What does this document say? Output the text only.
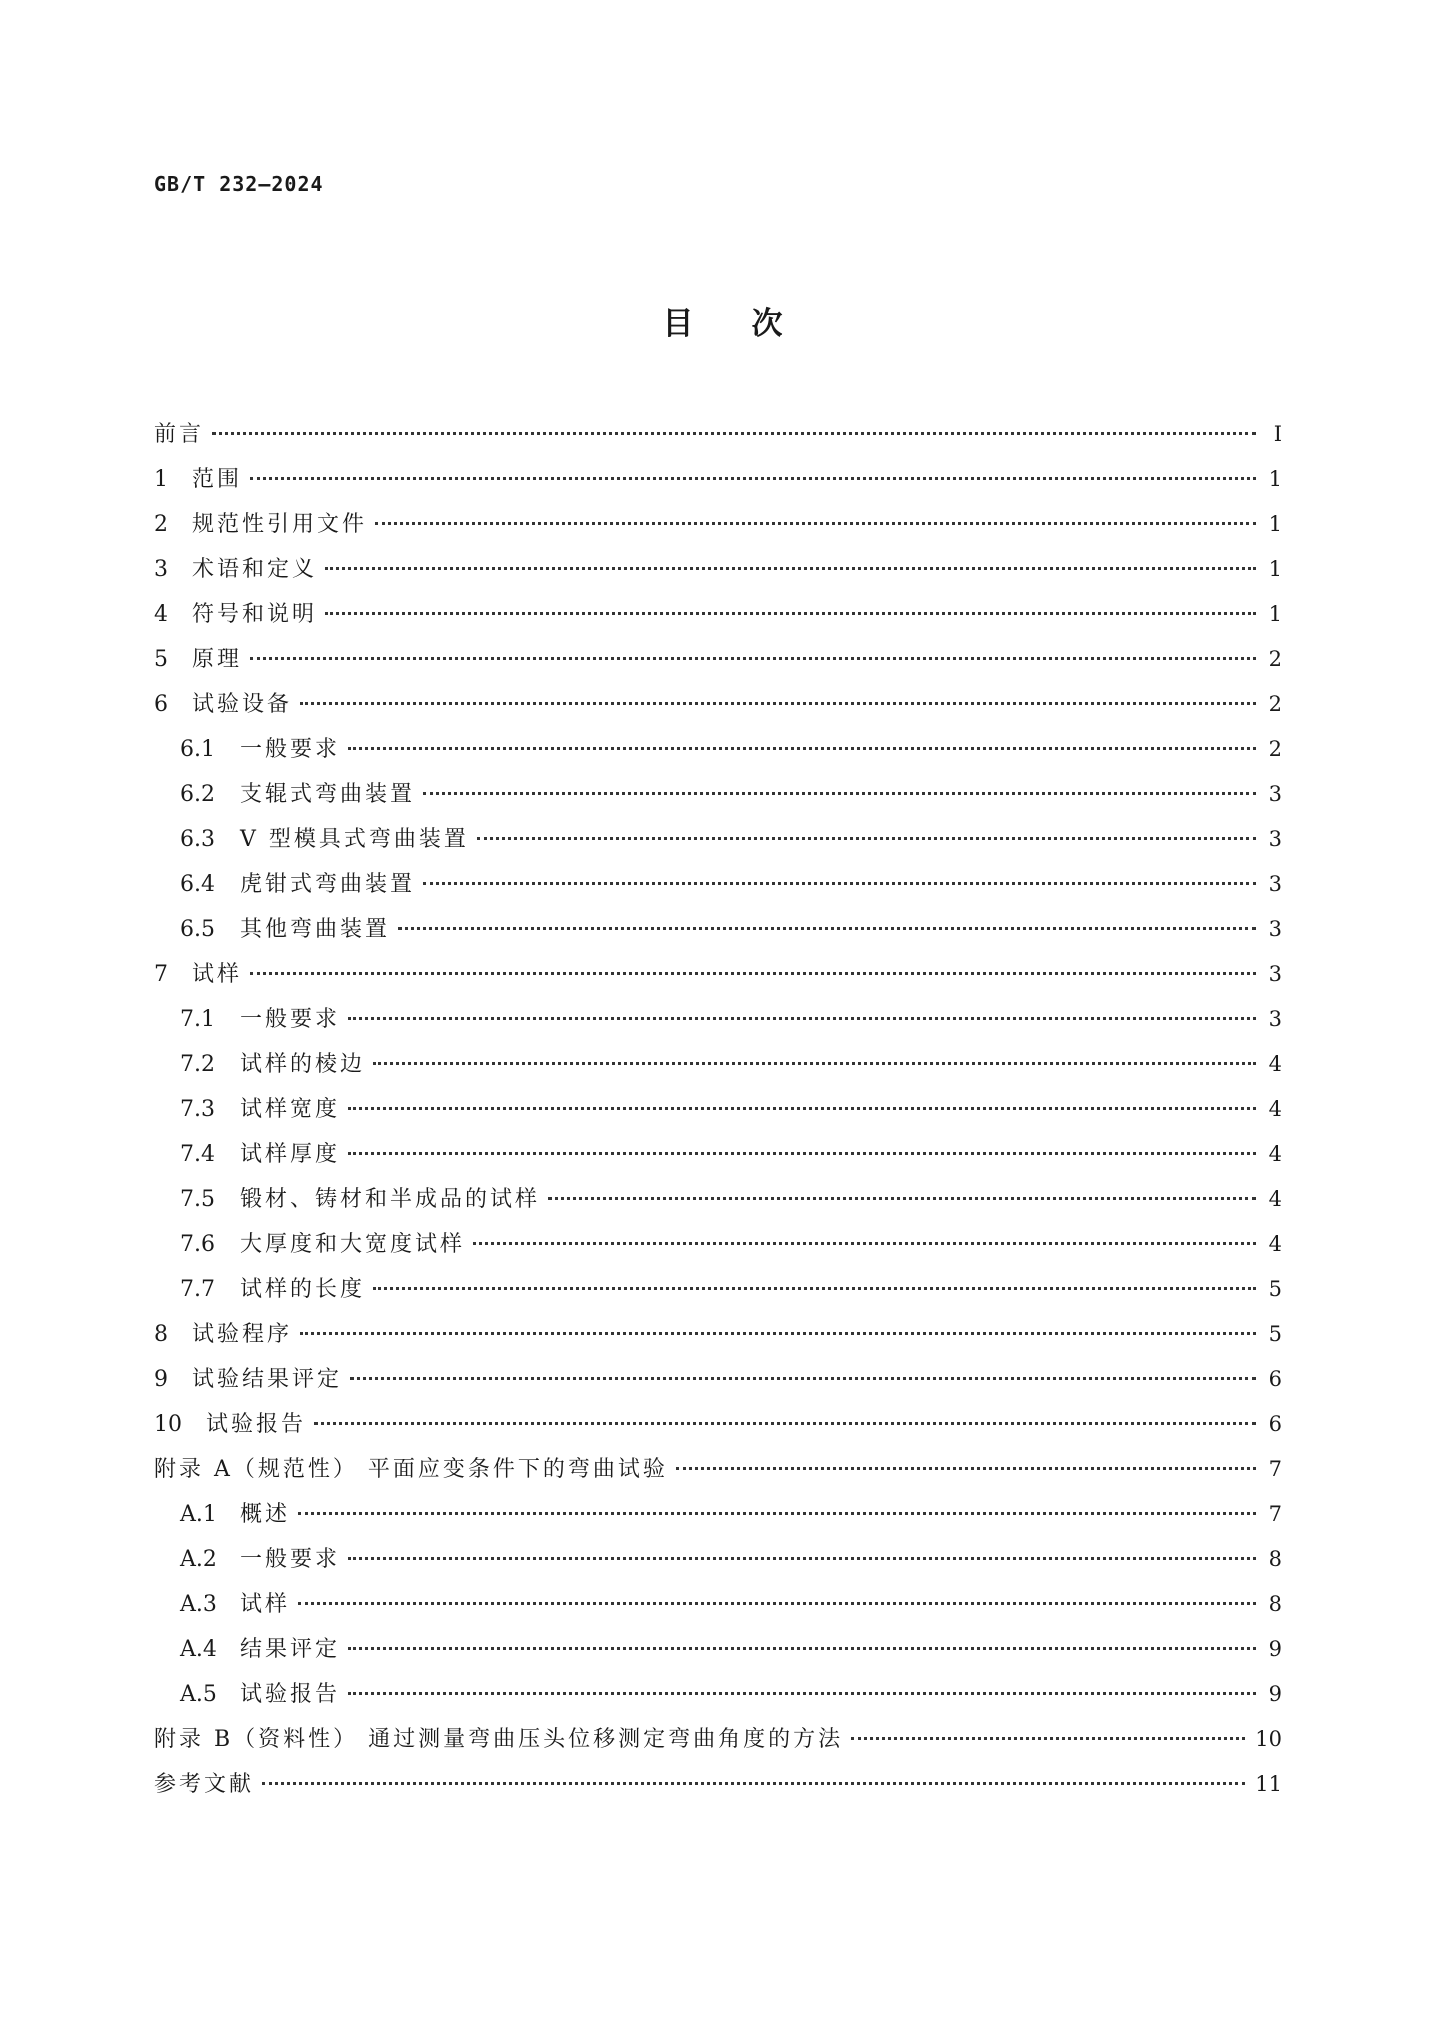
GB/T 232—2024
目次
前言	Ⅰ
1	范围	1
2	规范性引用文件	1
3	术语和定义	1
4	符号和说明	1
5	原理	2
6	试验设备	2
6.1	一般要求	2
6.2	支辊式弯曲装置	3
6.3	V 型模具式弯曲装置	3
6.4	虎钳式弯曲装置	3
6.5	其他弯曲装置	3
7	试样	3
7.1	一般要求	3
7.2	试样的棱边	4
7.3	试样宽度	4
7.4	试样厚度	4
7.5	锻材、铸材和半成品的试样	4
7.6	大厚度和大宽度试样	4
7.7	试样的长度	5
8	试验程序	5
9	试验结果评定	6
10	试验报告	6
附录 A（规范性） 平面应变条件下的弯曲试验	7
A.1	概述	7
A.2	一般要求	8
A.3	试样	8
A.4	结果评定	9
A.5	试验报告	9
附录 B（资料性） 通过测量弯曲压头位移测定弯曲角度的方法	10
参考文献	11
